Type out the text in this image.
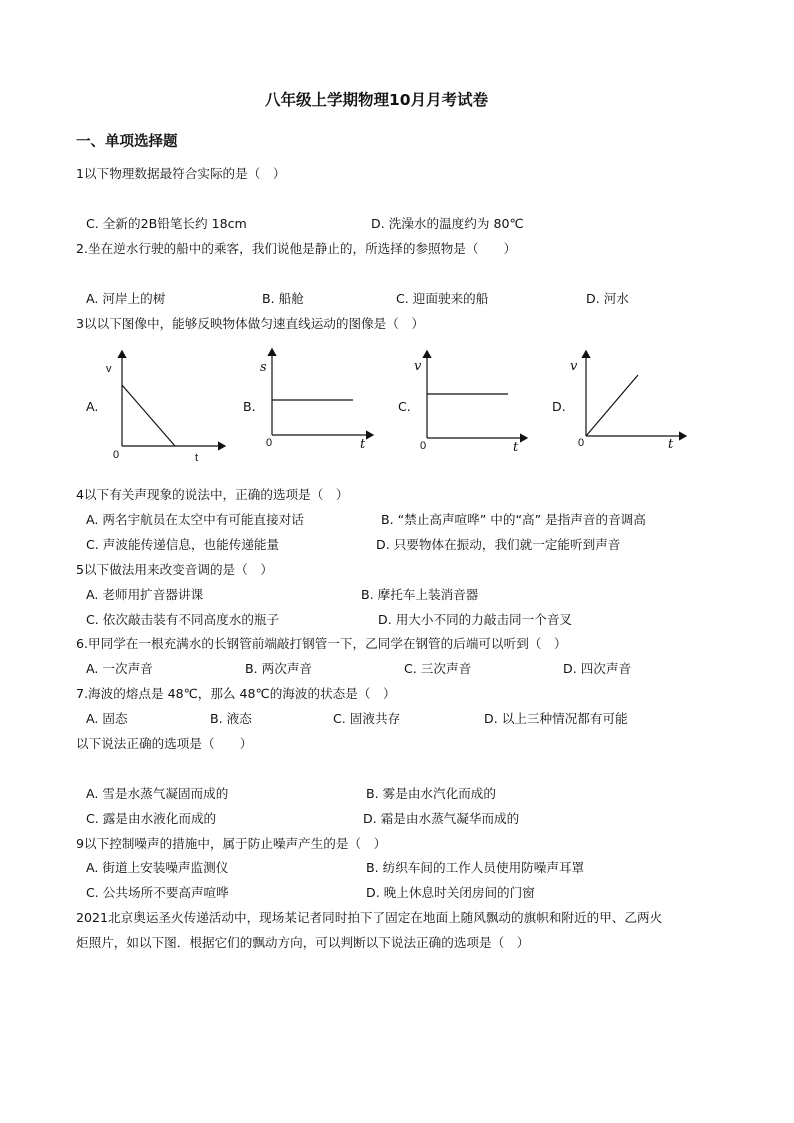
八年级上学期物理10月月考试卷
一、单项选择题
1以下物理数据最符合实际的是（　）
C. 全新的2B铅笔长约 18cm	D. 洗澡水的温度约为 80℃
2.坐在逆水行驶的船中的乘客，我们说他是静止的，所选择的参照物是（　　）
A. 河岸上的树	B. 船舱	C. 迎面驶来的船	D. 河水
3以以下图像中，能够反映物体做匀速直线运动的图像是（　）
A.
v
t
0
B.
s
t
0
C.
v
t
0
D.
v
t
0
4以下有关声现象的说法中，正确的选项是（　）
A. 两名宇航员在太空中有可能直接对话	B. “禁止高声喧哗” 中的“高” 是指声音的音调高
C. 声波能传递信息，也能传递能量	D. 只要物体在振动，我们就一定能听到声音
5以下做法用来改变音调的是（　）
A. 老师用扩音器讲课	B. 摩托车上装消音器
C. 依次敲击装有不同高度水的瓶子	D. 用大小不同的力敲击同一个音叉
6.甲同学在一根充满水的长钢管前端敲打钢管一下，乙同学在钢管的后端可以听到（　）
A. 一次声音	B. 两次声音	C. 三次声音	D. 四次声音
7.海波的熔点是 48℃，那么 48℃的海波的状态是（　）
A. 固态	B. 液态	C. 固液共存	D. 以上三种情况都有可能
以下说法正确的选项是（　　）
A. 雪是水蒸气凝固而成的	B. 雾是由水汽化而成的
C. 露是由水液化而成的	D. 霜是由水蒸气凝华而成的
9以下控制噪声的措施中，属于防止噪声产生的是（　）
A. 街道上安装噪声监测仪	B. 纺织车间的工作人员使用防噪声耳罩
C. 公共场所不要高声喧哗	D. 晚上休息时关闭房间的门窗
2021北京奥运圣火传递活动中，现场某记者同时拍下了固定在地面上随风飘动的旗帜和附近的甲、乙两火
炬照片，如以下图．根据它们的飘动方向，可以判断以下说法正确的选项是（　）
